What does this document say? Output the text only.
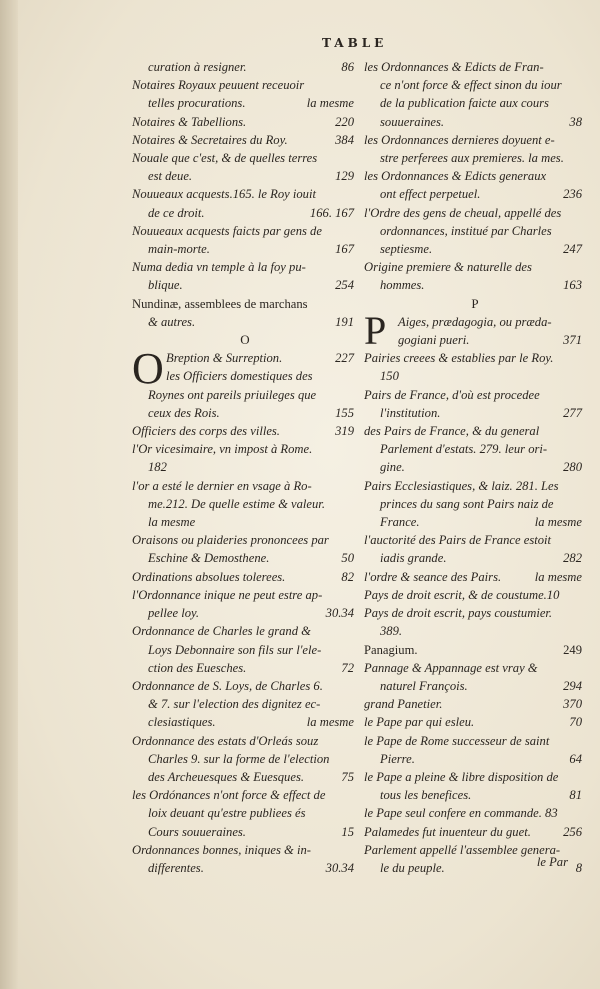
TABLE
curation à resigner.	86
Notaires Royaux peuuent receuoir
telles procurations.	la mesme
Notaires & Tabellions.	220
Notaires & Secretaires du Roy.	384
Nouale que c'est, & de quelles terres
est deue.	129
Nouueaux acquests.165. le Roy iouit
de ce droit.	166. 167
Nouueaux acquests faicts par gens de
main-morte.	167
Numa dedia vn temple à la foy pu-
blique.	254
Nundinæ, assemblees de marchans
& autres.	191
O
O Breption & Surreption.	227
les Officiers domestiques des
Roynes ont pareils priuileges que
ceux des Rois.	155
Officiers des corps des villes.	319
l'Or vicesimaire, vn impost à Rome.
182
l'or a esté le dernier en vsage à Ro-
me.212. De quelle estime & valeur.
la mesme
Oraisons ou plaideries prononcees par
Eschine & Demosthene.	50
Ordinations absolues tolerees.	82
l'Ordonnance inique ne peut estre ap-
pellee loy.	30.34
Ordonnance de Charles le grand &
Loys Debonnaire son fils sur l'ele-
ction des Euesches.	72
Ordonnance de S. Loys, de Charles 6.
& 7. sur l'election des dignitez ec-
clesiastiques.	la mesme
Ordonnance des estats d'Orleás souz
Charles 9. sur la forme de l'election
des Archeuesques & Euesques.	75
les Ordónances n'ont force & effect de
loix deuant qu'estre publiees és
Cours souueraines.	15
Ordonnances bonnes, iniques & in-
differentes.	30.34
les Ordonnances & Edicts de Fran-
ce n'ont force & effect sinon du iour
de la publication faicte aux cours
souueraines.	38
les Ordonnances dernieres doyuent e-
stre perferees aux premieres. la mes.
les Ordonnances & Edicts generaux
ont effect perpetuel.	236
l'Ordre des gens de cheual, appellé des
ordonnances, institué par Charles
septiesme.	247
Origine premiere & naturelle des
hommes.	163
P
P Aiges, prædagogia, ou præda-
gogiani pueri.	371
Pairies creees & establies par le Roy.
150
Pairs de France, d'où est procedee
l'institution.	277
des Pairs de France, & du general
Parlement d'estats. 279. leur ori-
gine.	280
Pairs Ecclesiastiques, & laiz. 281. Les
princes du sang sont Pairs naiz de
France.	la mesme
l'auctorité des Pairs de France estoit
iadis grande.	282
l'ordre & seance des Pairs.	la mesme
Pays de droit escrit, & de coustume.10
Pays de droit escrit, pays coustumier.
389.
Panagium.	249
Pannage & Appannage est vray &
naturel François.	294
grand Panetier.	370
le Pape par qui esleu.	70
le Pape de Rome successeur de saint
Pierre.	64
le Pape a pleine & libre disposition de
tous les benefices.	81
le Pape seul confere en commande. 83
Palamedes fut inuenteur du guet.	256
Parlement appellé l'assemblee genera-
le du peuple.	8
le Par
